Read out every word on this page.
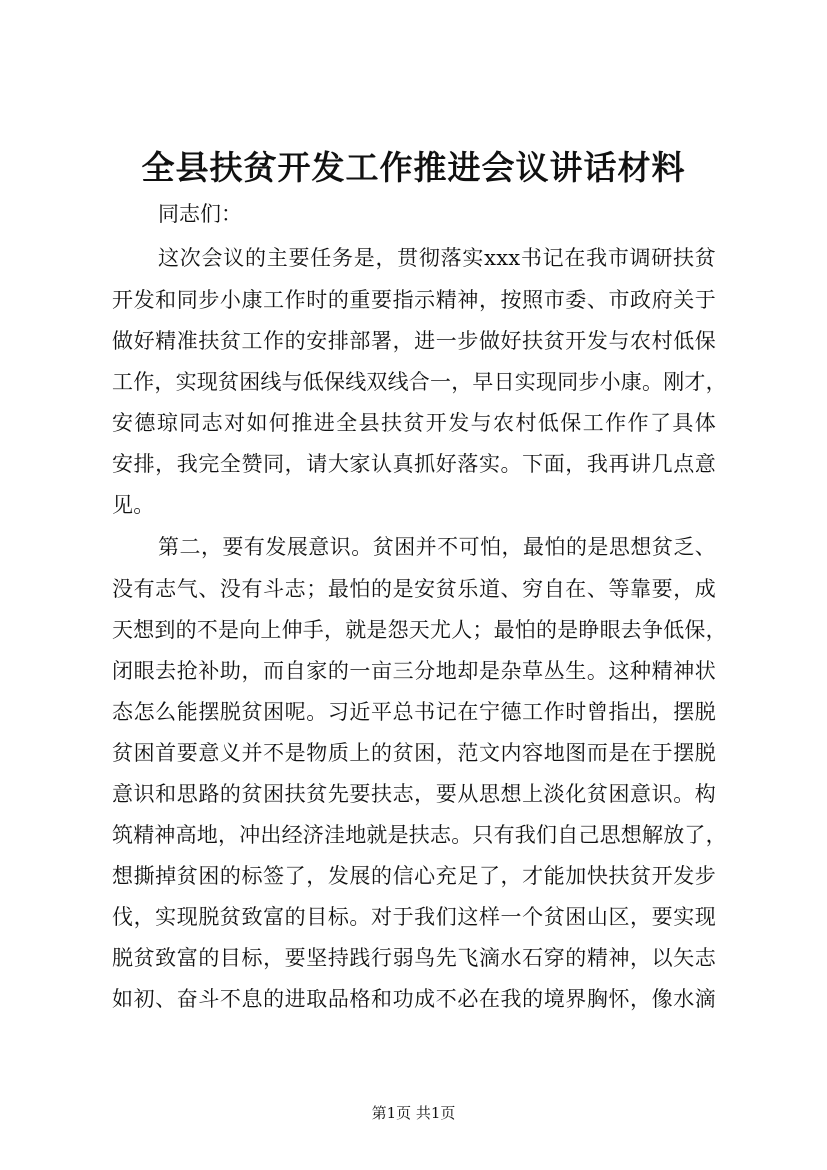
全县扶贫开发工作推进会议讲话材料
同志们：
这次会议的主要任务是，贯彻落实xxx书记在我市调研扶贫
开发和同步小康工作时的重要指示精神，按照市委、市政府关于
做好精准扶贫工作的安排部署，进一步做好扶贫开发与农村低保
工作，实现贫困线与低保线双线合一，早日实现同步小康。刚才，
安德琼同志对如何推进全县扶贫开发与农村低保工作作了具体
安排，我完全赞同，请大家认真抓好落实。下面，我再讲几点意
见。
第二，要有发展意识。贫困并不可怕，最怕的是思想贫乏、
没有志气、没有斗志；最怕的是安贫乐道、穷自在、等靠要，成
天想到的不是向上伸手，就是怨天尤人；最怕的是睁眼去争低保，
闭眼去抢补助，而自家的一亩三分地却是杂草丛生。这种精神状
态怎么能摆脱贫困呢。习近平总书记在宁德工作时曾指出，摆脱
贫困首要意义并不是物质上的贫困，范文内容地图而是在于摆脱
意识和思路的贫困扶贫先要扶志，要从思想上淡化贫困意识。构
筑精神高地，冲出经济洼地就是扶志。只有我们自己思想解放了，
想撕掉贫困的标签了，发展的信心充足了，才能加快扶贫开发步
伐，实现脱贫致富的目标。对于我们这样一个贫困山区，要实现
脱贫致富的目标，要坚持践行弱鸟先飞滴水石穿的精神，以矢志
如初、奋斗不息的进取品格和功成不必在我的境界胸怀，像水滴
第1页 共1页
